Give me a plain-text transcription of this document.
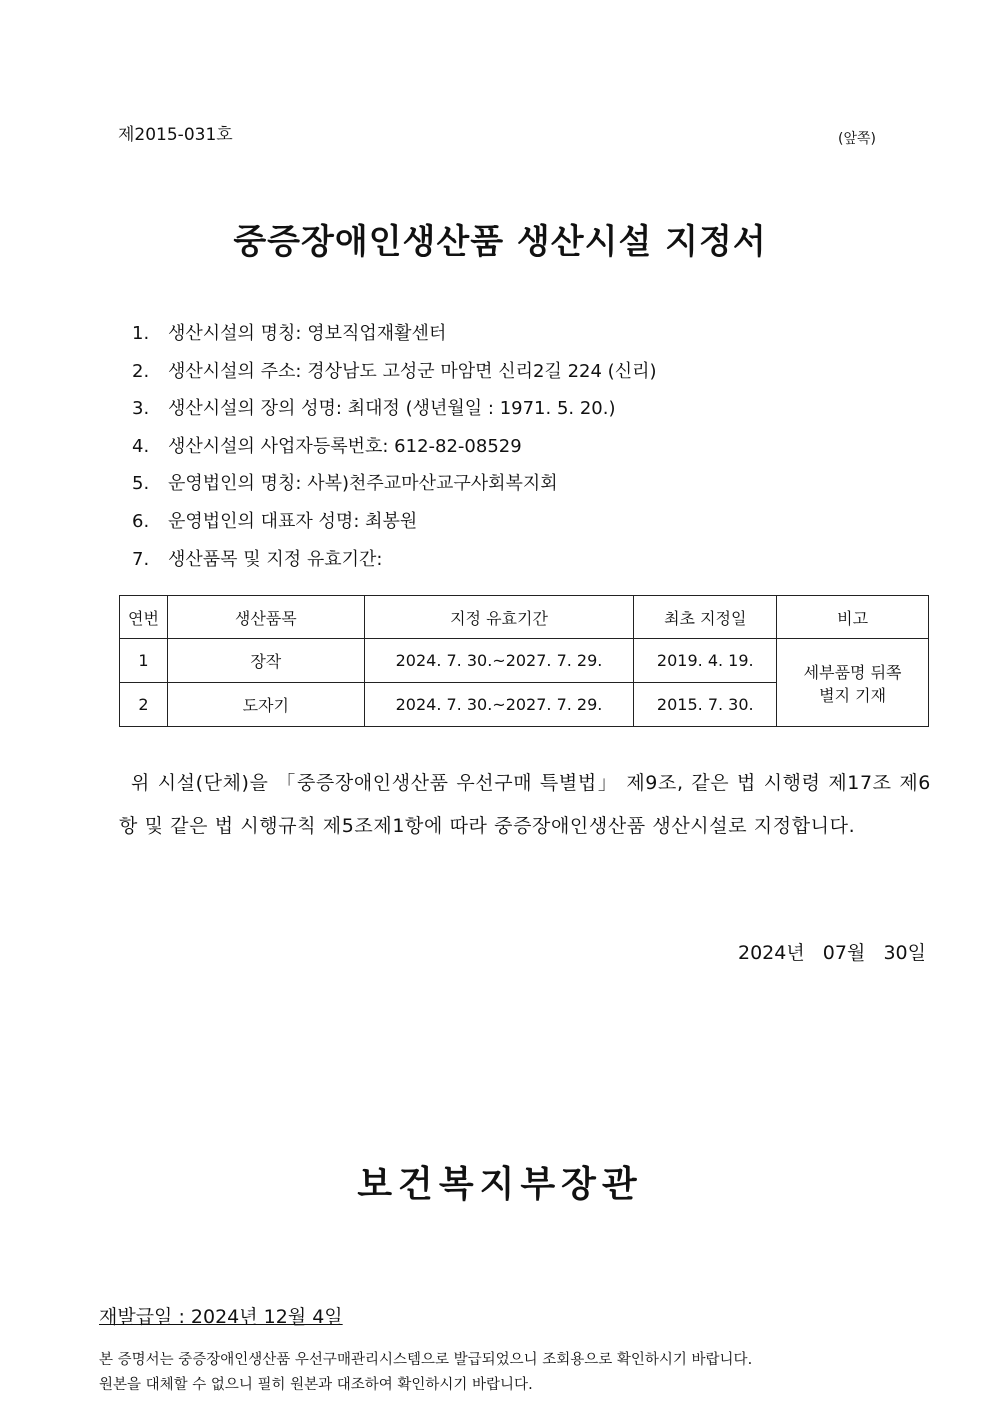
제2015-031호	(앞쪽)
중증장애인생산품 생산시설 지정서
1. 생산시설의 명칭: 영보직업재활센터
2. 생산시설의 주소: 경상남도 고성군 마암면 신리2길 224 (신리)
3. 생산시설의 장의 성명: 최대정 (생년월일 : 1971. 5. 20.)
4. 생산시설의 사업자등록번호: 612-82-08529
5. 운영법인의 명칭: 사복)천주교마산교구사회복지회
6. 운영법인의 대표자 성명: 최봉원
7. 생산품목 및 지정 유효기간:
연번	생산품목	지정 유효기간	최초 지정일	비고
1	장작	2024. 7. 30.~2027. 7. 29.	2019. 4. 19.	세부품명 뒤쪽
별지 기재

2	도자기	2024. 7. 30.~2027. 7. 29.	2015. 7. 30.	
위 시설(단체)을 「중증장애인생산품 우선구매 특별법」 제9조, 같은 법 시행령 제17조 제6항 및 같은 법 시행규칙 제5조제1항에 따라 중증장애인생산품 생산시설로 지정합니다.
2024년   07월   30일
보건복지부장관
재발급일 : 2024년 12월 4일
본 증명서는 중증장애인생산품 우선구매관리시스템으로 발급되었으니 조회용으로 확인하시기 바랍니다.
원본을 대체할 수 없으니 필히 원본과 대조하여 확인하시기 바랍니다.
